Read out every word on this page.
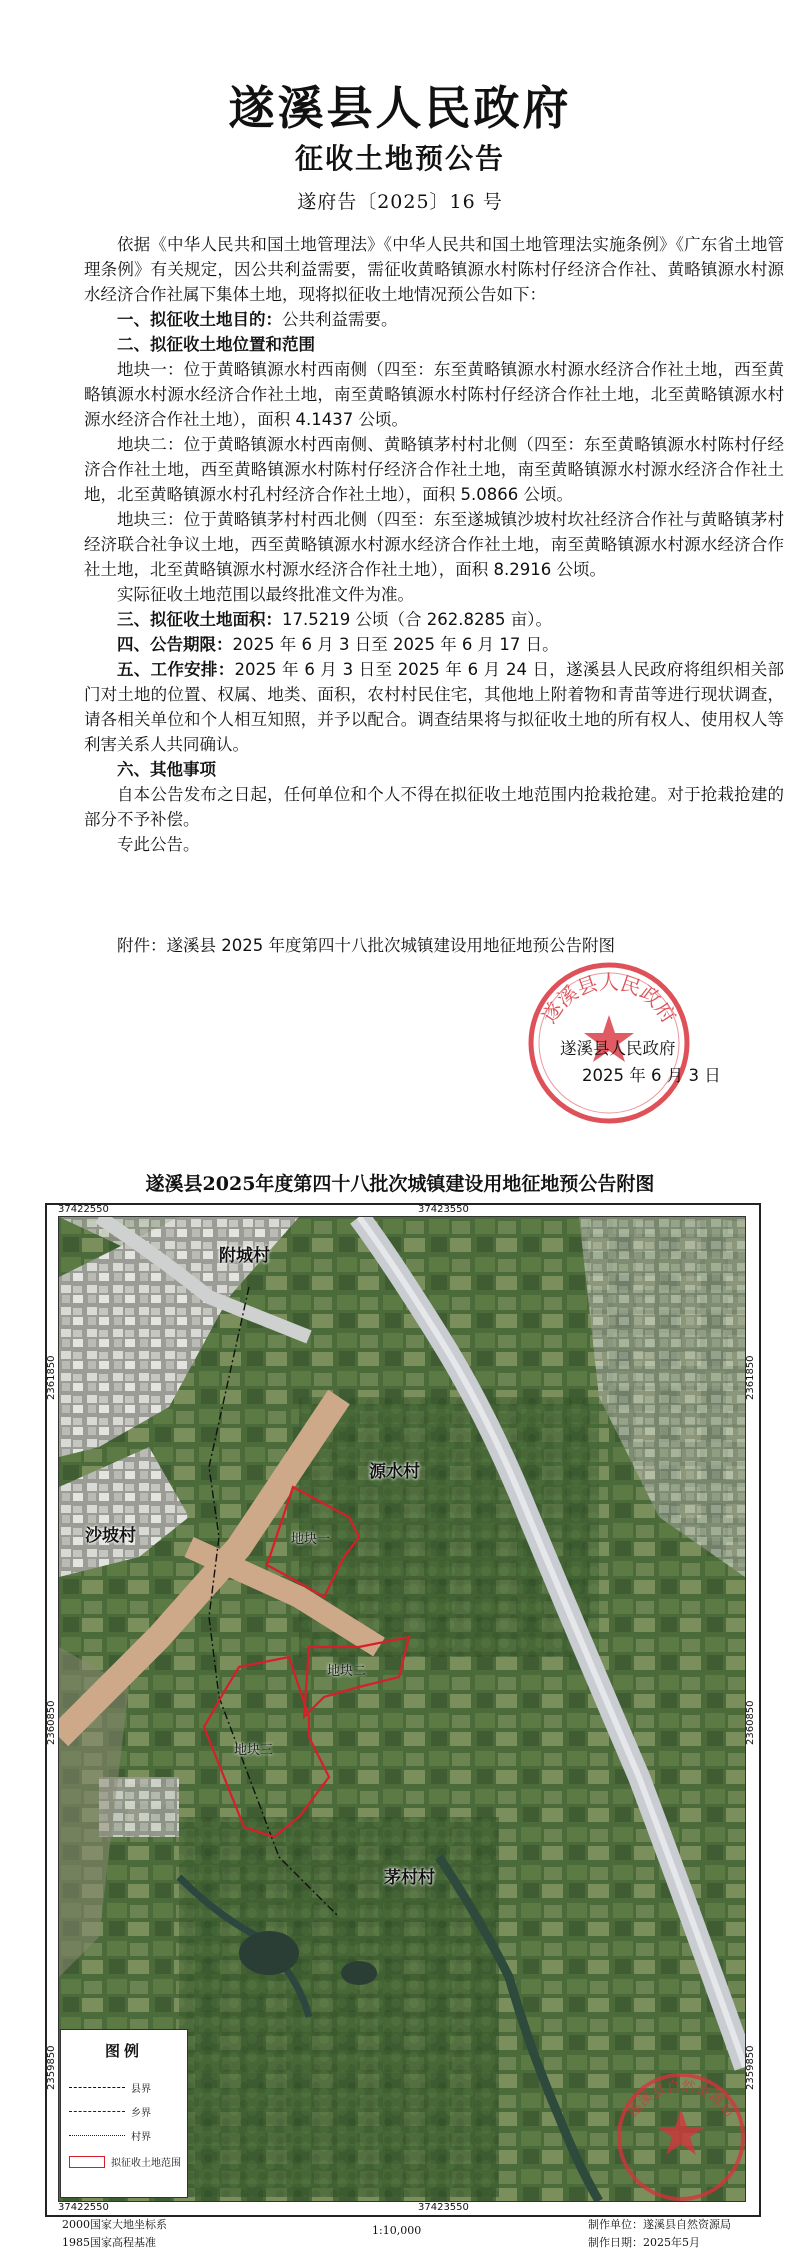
遂溪县人民政府
征收土地预公告
遂府告〔2025〕16 号

依据《中华人民共和国土地管理法》《中华人民共和国土地管理法实施条例》《广东省土地管理条例》有关规定，因公共利益需要，需征收黄略镇源水村陈村仔经济合作社、黄略镇源水村源水经济合作社属下集体土地，现将拟征收土地情况预公告如下：

一、拟征收土地目的：公共利益需要。

二、拟征收土地位置和范围

地块一：位于黄略镇源水村西南侧（四至：东至黄略镇源水村源水经济合作社土地，西至黄略镇源水村源水经济合作社土地，南至黄略镇源水村陈村仔经济合作社土地，北至黄略镇源水村源水经济合作社土地），面积 4.1437 公顷。

地块二：位于黄略镇源水村西南侧、黄略镇茅村村北侧（四至：东至黄略镇源水村陈村仔经济合作社土地，西至黄略镇源水村陈村仔经济合作社土地，南至黄略镇源水村源水经济合作社土地，北至黄略镇源水村孔村经济合作社土地），面积 5.0866 公顷。

地块三：位于黄略镇茅村村西北侧（四至：东至遂城镇沙坡村坎社经济合作社与黄略镇茅村经济联合社争议土地，西至黄略镇源水村源水经济合作社土地，南至黄略镇源水村源水经济合作社土地，北至黄略镇源水村源水经济合作社土地），面积 8.2916 公顷。

实际征收土地范围以最终批准文件为准。

三、拟征收土地面积：17.5219 公顷（合 262.8285 亩）。

四、公告期限：2025 年 6 月 3 日至 2025 年 6 月 17 日。

五、工作安排：2025 年 6 月 3 日至 2025 年 6 月 24 日，遂溪县人民政府将组织相关部门对土地的位置、权属、地类、面积，农村村民住宅，其他地上附着物和青苗等进行现状调查，请各相关单位和个人相互知照，并予以配合。调查结果将与拟征收土地的所有权人、使用权人等利害关系人共同确认。

六、其他事项

自本公告发布之日起，任何单位和个人不得在拟征收土地范围内抢栽抢建。对于抢栽抢建的部分不予补偿。

专此公告。

附件：遂溪县 2025 年度第四十八批次城镇建设用地征地预公告附图
遂溪县人民政府
遂溪县人民政府
2025 年 6 月 3 日
遂溪县2025年度第四十八批次城镇建设用地征地预公告附图
37422550	37423550
37422550	37423550
2361850
2360850
2359850
2361850
2360850
2359850
遂溪县自然资源局
附城村
源水村
沙坡村
茅村村
地块一
地块二
地块三
图例
县界
乡界
村界
拟征收土地范围
2000国家大地坐标系
1985国家高程基准
1:10,000	制作单位：遂溪县自然资源局
制作日期：2025年5月
